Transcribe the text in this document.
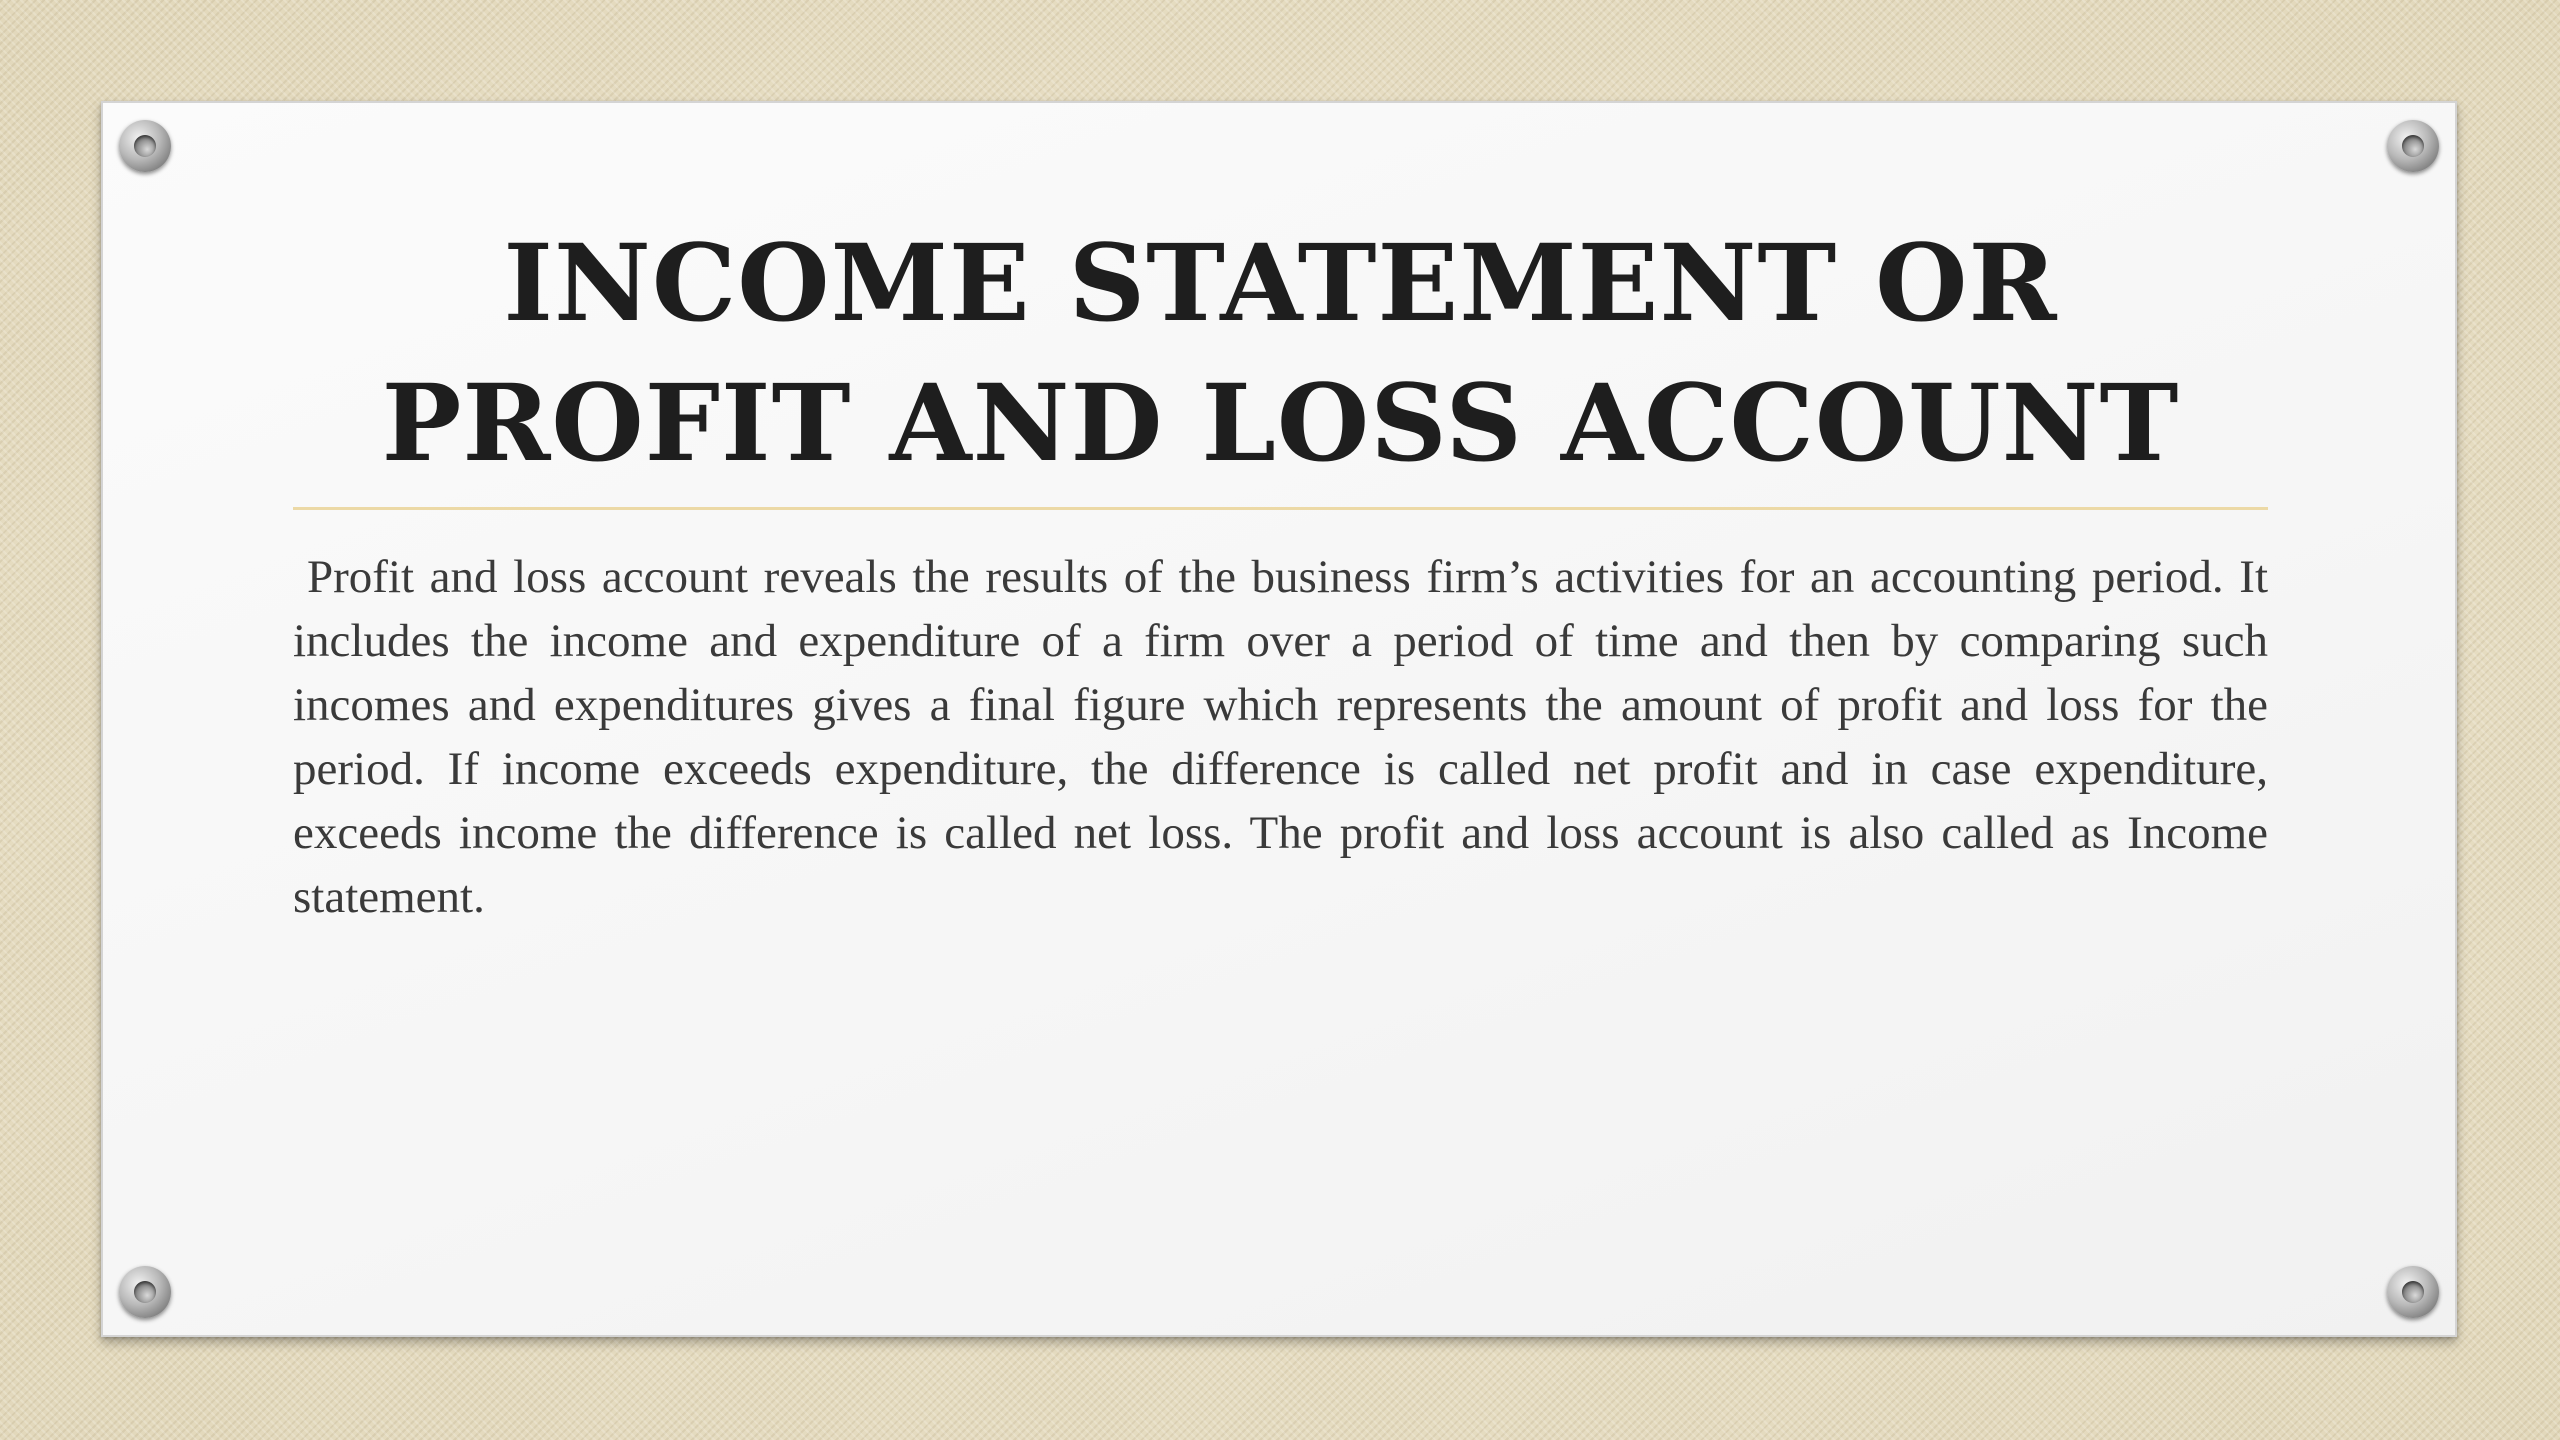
INCOME STATEMENT OR PROFIT AND LOSS ACCOUNT

Profit and loss account reveals the results of the business firm’s activities for an accounting period. It includes the income and expenditure of a firm over a period of time and then by comparing such incomes and expenditures gives a final figure which represents the amount of profit and loss for the period. If income exceeds expenditure, the difference is called net profit and in case expenditure, exceeds income the difference is called net loss. The profit and loss account is also called as Income statement.
